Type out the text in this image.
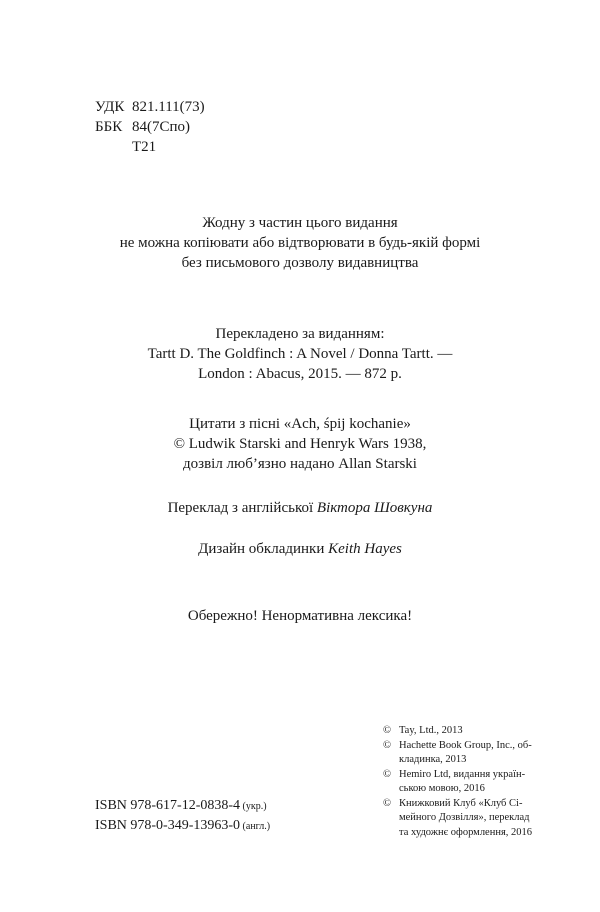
УДК 821.111(73)
ББК 84(7Спо)
Т21
Жодну з частин цього видання
не можна копіювати або відтворювати в будь-якій формі
без письмового дозволу видавництва
Перекладено за виданням:
Tartt D. The Goldfinch : A Novel / Donna Tartt. —
London : Abacus, 2015. — 872 p.
Цитати з пісні «Ach, śpij kochanie»
© Ludwik Starski and Henryk Wars 1938,
дозвіл люб’язно надано Allan Starski
Переклад з англійської Віктора Шовкуна
Дизайн обкладинки Keith Hayes
Обережно! Ненормативна лексика!
ISBN 978-617-12-0838-4 (укр.)
ISBN 978-0-349-13963-0 (англ.)
© Tay, Ltd., 2013
© Hachette Book Group, Inc., об-
кладинка, 2013
© Hemiro Ltd, видання україн-
ською мовою, 2016
© Книжковий Клуб «Клуб Сі-
мейного Дозвілля», переклад
та художнє оформлення, 2016
